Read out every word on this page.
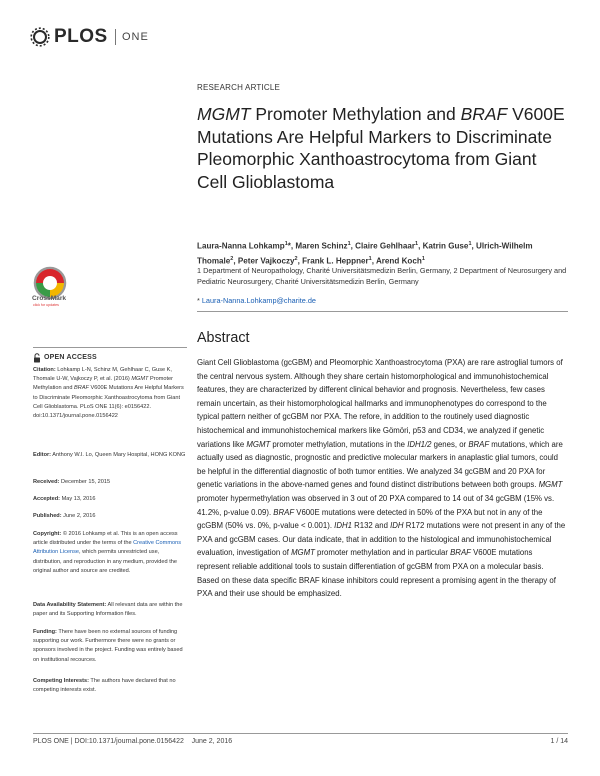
PLOS ONE
RESEARCH ARTICLE
MGMT Promoter Methylation and BRAF V600E Mutations Are Helpful Markers to Discriminate Pleomorphic Xanthoastrocytoma from Giant Cell Glioblastoma
Laura-Nanna Lohkamp$^1$*, Maren Schinz$^1$, Claire Gehlhaar$^1$, Katrin Guse$^1$, Ulrich-Wilhelm Thomale$^2$, Peter Vajkoczy$^2$, Frank L. Heppner$^1$, Arend Koch$^1$
1 Department of Neuropathology, Charité Universitätsmedizin Berlin, Germany, 2 Department of Neurosurgery and Pediatric Neurosurgery, Charité Universitätsmedizin Berlin, Germany
* Laura-Nanna.Lohkamp@charite.de
CrossMark
click for updates
Abstract
Giant Cell Glioblastoma (gcGBM) and Pleomorphic Xanthoastrocytoma (PXA) are rare astroglial tumors of the central nervous system. Although they share certain histomorphological and immunohistochemical features, they are characterized by different clinical behavior and prognosis. Nevertheless, few cases remain uncertain, as their histomorphological hallmarks and immunophenotypes do correspond to the typical pattern neither of gcGBM nor PXA. The refore, in addition to the routinely used diagnostic histochemical and immunohistochemical markers like Gömöri, p53 and CD34, we analyzed if genetic variations like MGMT promoter methylation, mutations in the IDH1/2 genes, or BRAF mutations, which are actually used as diagnostic, prognostic and predictive molecular markers in anaplastic glial tumors, could be helpful in the differential diagnostic of both tumor entities. We analyzed 34 gcGBM and 20 PXA for genetic variations in the above-named genes and found distinct distributions between both groups. MGMT promoter hypermethylation was observed in 3 out of 20 PXA compared to 14 out of 34 gcGBM (15% vs. 41.2%, p-value 0.09). BRAF V600E mutations were detected in 50% of the PXA but not in any of the gcGBM (50% vs. 0%, p-value < 0.001). IDH1 R132 and IDH R172 mutations were not present in any of the PXA and gcGBM cases. Our data indicate, that in addition to the histological and immunohistochemical evaluation, investigation of MGMT promoter methylation and in particular BRAF V600E mutations represent reliable additional tools to sustain differentiation of gcGBM from PXA on a molecular basis. Based on these data specific BRAF kinase inhibitors could represent a promising agent in the therapy of PXA and their use should be emphasized.
OPEN ACCESS
Citation: Lohkamp L-N, Schinz M, Gehlhaar C, Guse K, Thomale U-W, Vajkoczy P, et al. (2016) MGMT Promoter Methylation and BRAF V600E Mutations Are Helpful Markers to Discriminate Pleomorphic Xanthoastrocytoma from Giant Cell Glioblastoma. PLoS ONE 11(6): e0156422. doi:10.1371/journal.pone.0156422
Editor: Anthony W.I. Lo, Queen Mary Hospital, HONG KONG
Received: December 15, 2015
Accepted: May 13, 2016
Published: June 2, 2016
Copyright: © 2016 Lohkamp et al. This is an open access article distributed under the terms of the Creative Commons Attribution License, which permits unrestricted use, distribution, and reproduction in any medium, provided the original author and source are credited.
Data Availability Statement: All relevant data are within the paper and its Supporting Information files.
Funding: There have been no external sources of funding supporting our work. Furthermore there were no grants or sponsors involved in the project. Funding was entirely based on institutional recources.
Competing Interests: The authors have declared that no competing interests exist.
PLOS ONE | DOI:10.1371/journal.pone.0156422    June 2, 2016	1 / 14
